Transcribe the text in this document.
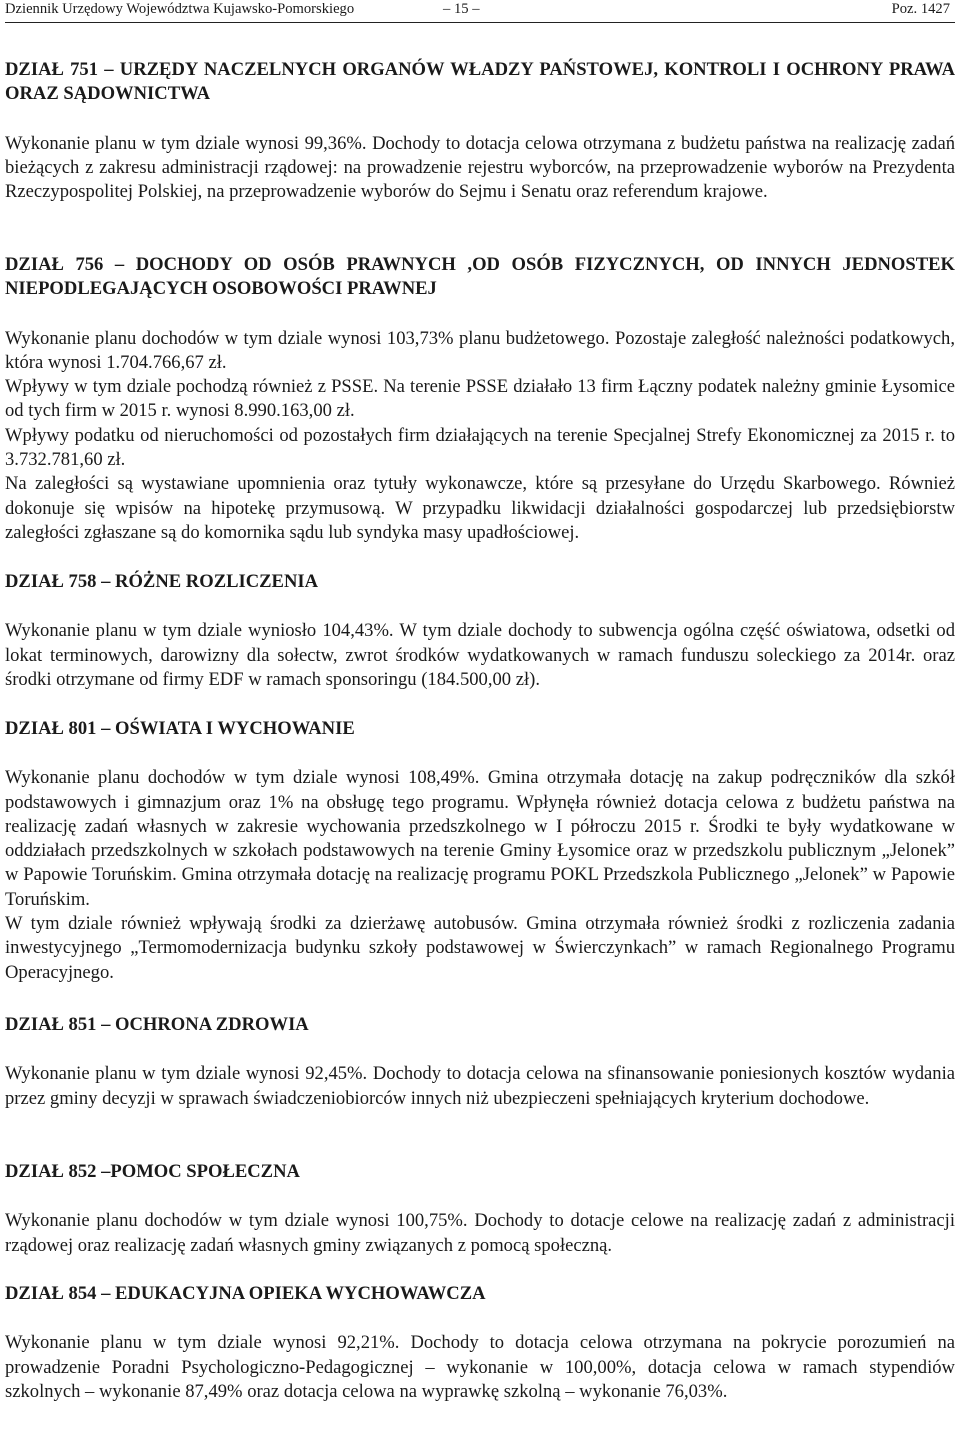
Dziennik Urzędowy Województwa Kujawsko-Pomorskiego	– 15 –	Poz. 1427

DZIAŁ 751 – URZĘDY NACZELNYCH ORGANÓW WŁADZY PAŃSTOWEJ, KONTROLI I OCHRONY PRAWA ORAZ SĄDOWNICTWA

Wykonanie planu w tym dziale wynosi 99,36%. Dochody to dotacja celowa otrzymana z budżetu państwa na realizację zadań bieżących z zakresu administracji rządowej: na prowadzenie rejestru wyborców, na przeprowadzenie wyborów na Prezydenta Rzeczypospolitej Polskiej, na przeprowadzenie wyborów do Sejmu i Senatu oraz referendum krajowe.

DZIAŁ 756 – DOCHODY OD OSÓB PRAWNYCH ,OD OSÓB FIZYCZNYCH, OD INNYCH JEDNOSTEK NIEPODLEGAJĄCYCH OSOBOWOŚCI PRAWNEJ

Wykonanie planu dochodów w tym dziale wynosi 103,73% planu budżetowego. Pozostaje zaległość należności podatkowych, która wynosi 1.704.766,67 zł.

Wpływy w tym dziale pochodzą również z PSSE. Na terenie PSSE działało 13 firm Łączny podatek należny gminie Łysomice od tych firm w 2015 r. wynosi 8.990.163,00 zł.

Wpływy podatku od nieruchomości od pozostałych firm działających na terenie Specjalnej Strefy Ekonomicznej za 2015 r. to 3.732.781,60 zł.

Na zaległości są wystawiane upomnienia oraz tytuły wykonawcze, które są przesyłane do Urzędu Skarbowego. Również dokonuje się wpisów na hipotekę przymusową. W przypadku likwidacji działalności gospodarczej lub przedsiębiorstw zaległości zgłaszane są do komornika sądu lub syndyka masy upadłościowej.

DZIAŁ 758 – RÓŻNE ROZLICZENIA

Wykonanie planu w tym dziale wyniosło 104,43%. W tym dziale dochody to subwencja ogólna część oświatowa, odsetki od lokat terminowych, darowizny dla sołectw, zwrot środków wydatkowanych w ramach funduszu soleckiego za 2014r. oraz środki otrzymane od firmy EDF w ramach sponsoringu (184.500,00 zł).

DZIAŁ 801 – OŚWIATA I WYCHOWANIE

Wykonanie planu dochodów w tym dziale wynosi 108,49%. Gmina otrzymała dotację na zakup podręczników dla szkół podstawowych i gimnazjum oraz 1% na obsługę tego programu. Wpłynęła również dotacja celowa z budżetu państwa na realizację zadań własnych w zakresie wychowania przedszkolnego w I półroczu 2015 r. Środki te były wydatkowane w oddziałach przedszkolnych w szkołach podstawowych na terenie Gminy Łysomice oraz w przedszkolu publicznym „Jelonek” w Papowie Toruńskim. Gmina otrzymała dotację na realizację programu POKL Przedszkola Publicznego „Jelonek” w Papowie Toruńskim.

W tym dziale również wpływają środki za dzierżawę autobusów. Gmina otrzymała również środki z rozliczenia zadania inwestycyjnego „Termomodernizacja budynku szkoły podstawowej w Świerczynkach” w ramach Regionalnego Programu Operacyjnego.

DZIAŁ 851 – OCHRONA ZDROWIA

Wykonanie planu w tym dziale wynosi 92,45%. Dochody to dotacja celowa na sfinansowanie poniesionych kosztów wydania przez gminy decyzji w sprawach świadczeniobiorców innych niż ubezpieczeni spełniających kryterium dochodowe.

DZIAŁ 852 –POMOC SPOŁECZNA

Wykonanie planu dochodów w tym dziale wynosi 100,75%. Dochody to dotacje celowe na realizację zadań z administracji rządowej oraz realizację zadań własnych gminy związanych z pomocą społeczną.

DZIAŁ 854 – EDUKACYJNA OPIEKA WYCHOWAWCZA

Wykonanie planu w tym dziale wynosi 92,21%. Dochody to dotacja celowa otrzymana na pokrycie porozumień na prowadzenie Poradni Psychologiczno-Pedagogicznej – wykonanie w 100,00%, dotacja celowa w ramach stypendiów szkolnych – wykonanie 87,49% oraz dotacja celowa na wyprawkę szkolną – wykonanie 76,03%.
